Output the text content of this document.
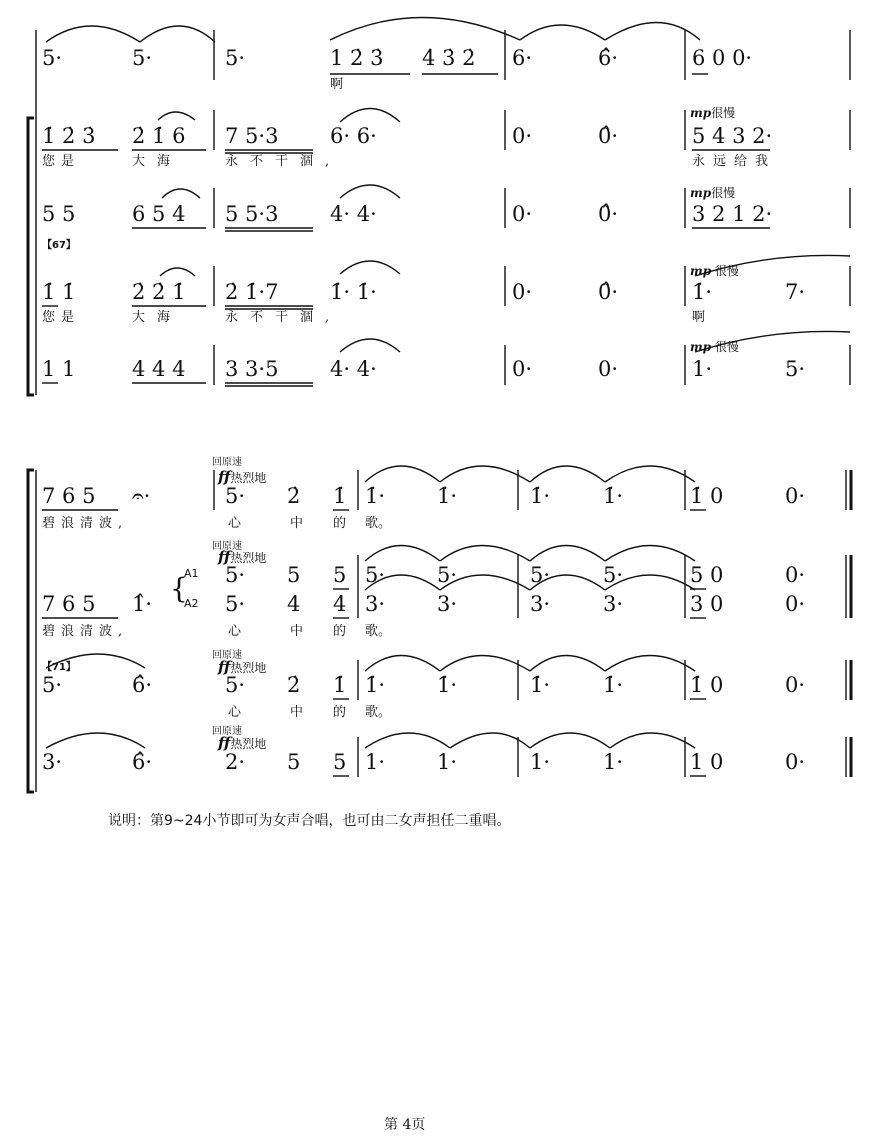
5·	5·	5·	1 2̇ 3̇ 4̇ 3̇ 2̇ 6·	6̂·	6 0 0·
啊
1̇ 2̇ 3̇ 2̇ 1̇ 6 7 5·3 6· 6·	0·	0̂·	5 4 3 2·
mp很慢
您是	大海	永不干涸,	永远给我
5 5	6 5 4 5 5·3 4· 4·	0·	0̂·	3 2 1 2·
mp很慢
【67】
1̇ 1̇	2̇ 2̇ 1̇ 2̇ 1̇·7 1̇· 1̇·	0·	0̂·	1̇·	7·
mp 很慢
您是	大海	永不干涸,	啊
1 1	4 4 4 3 3·5 4· 4·	0·	0·	1·	5·
mp 很慢
回原速
ff热烈地
回原速
ff热烈地
回原速
ff热烈地
回原速
ff热烈地
7 6 5 𝄐·	5· 2̇ 1̇ 1̇· 1̇·	1̇·	1̇·	1̇ 0	0·
碧浪清波,	心	中 的 歌。
7 6 5 1̂·
A1
A2
{ 5· 5 5 5· 5·	5·	5·	5 0	0·
5· 4 4 3· 3·	3·	3·	3 0	0·
碧浪清波,	心	中 的 歌。
【71】
5·	6̂·	5· 2̇ 1̇ 1̇· 1̇·	1̇·	1̇·	1̇ 0	0·
心	中 的 歌。
3·	6̂·	2· 5 5 1· 1·	1·	1·	1 0	0·
说明：第9~24小节即可为女声合唱，也可由二女声担任二重唱。
第 4页
